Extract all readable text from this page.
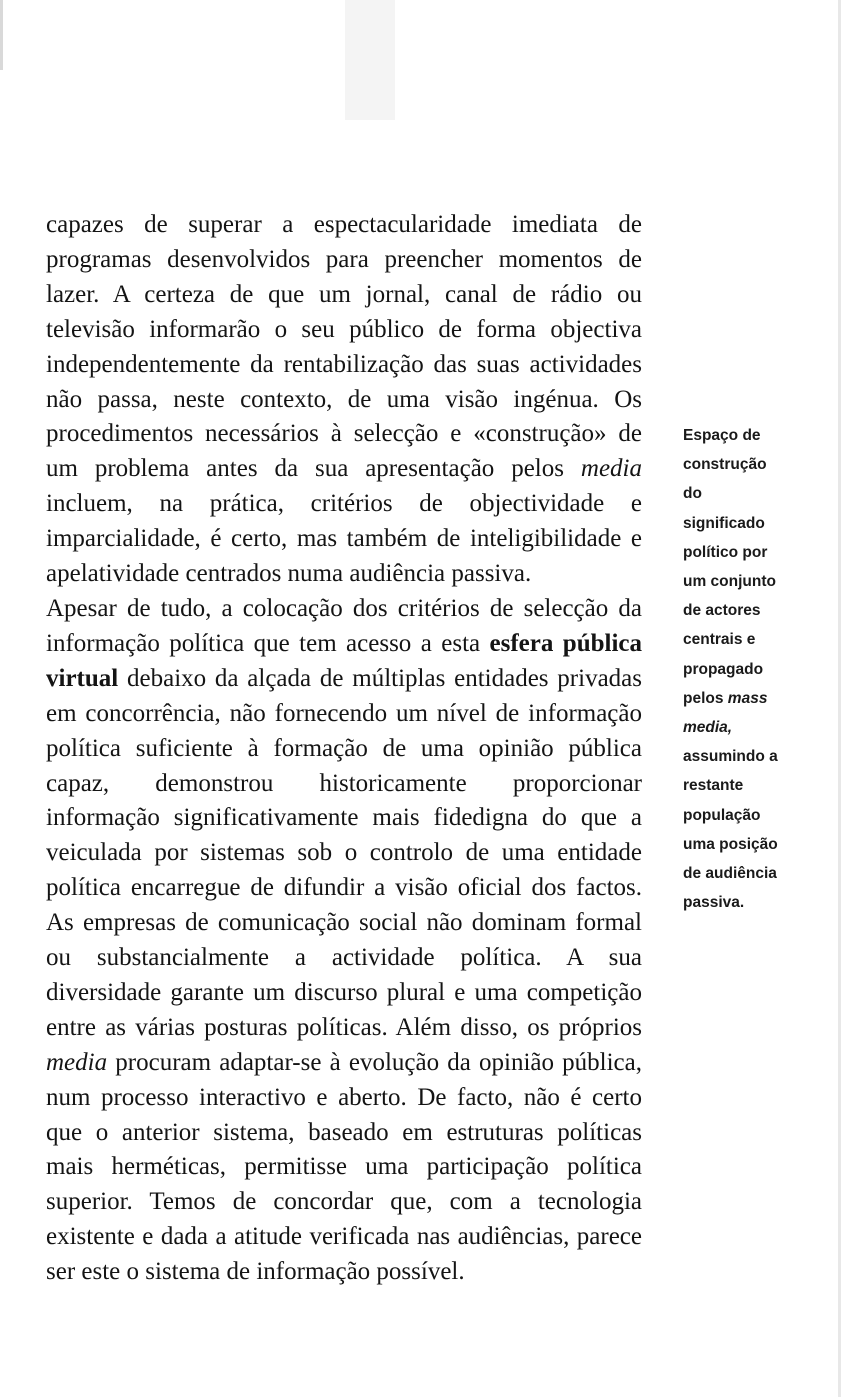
capazes de superar a espectacularidade imediata de programas desenvolvidos para preencher momentos de lazer. A certeza de que um jornal, canal de rádio ou televisão informarão o seu público de forma objectiva independentemente da rentabilização das suas actividades não passa, neste contexto, de uma visão ingénua. Os procedimentos necessários à selecção e «construção» de um problema antes da sua apresentação pelos media incluem, na prática, critérios de objectividade e imparcialidade, é certo, mas também de inteligibilidade e apelatividade centrados numa audiência passiva.

Apesar de tudo, a colocação dos critérios de selecção da informação política que tem acesso a esta esfera pública virtual debaixo da alçada de múltiplas entidades privadas em concorrência, não fornecendo um nível de informação política suficiente à formação de uma opinião pública capaz, demonstrou historicamente proporcionar informação significativamente mais fidedigna do que a veiculada por sistemas sob o controlo de uma entidade política encarregue de difundir a visão oficial dos factos. As empresas de comunicação social não dominam formal ou substancialmente a actividade política. A sua diversidade garante um discurso plural e uma competição entre as várias posturas políticas. Além disso, os próprios media procuram adaptar-se à evolução da opinião pública, num processo interactivo e aberto. De facto, não é certo que o anterior sistema, baseado em estruturas políticas mais herméticas, permitisse uma participação política superior. Temos de concordar que, com a tecnologia existente e dada a atitude verificada nas audiências, parece ser este o sistema de informação possível.

Espaço de
construção
do
significado
político por
um conjunto
de actores
centrais e
propagado
pelos mass
media,
assumindo a
restante
população
uma posição
de audiência
passiva.
